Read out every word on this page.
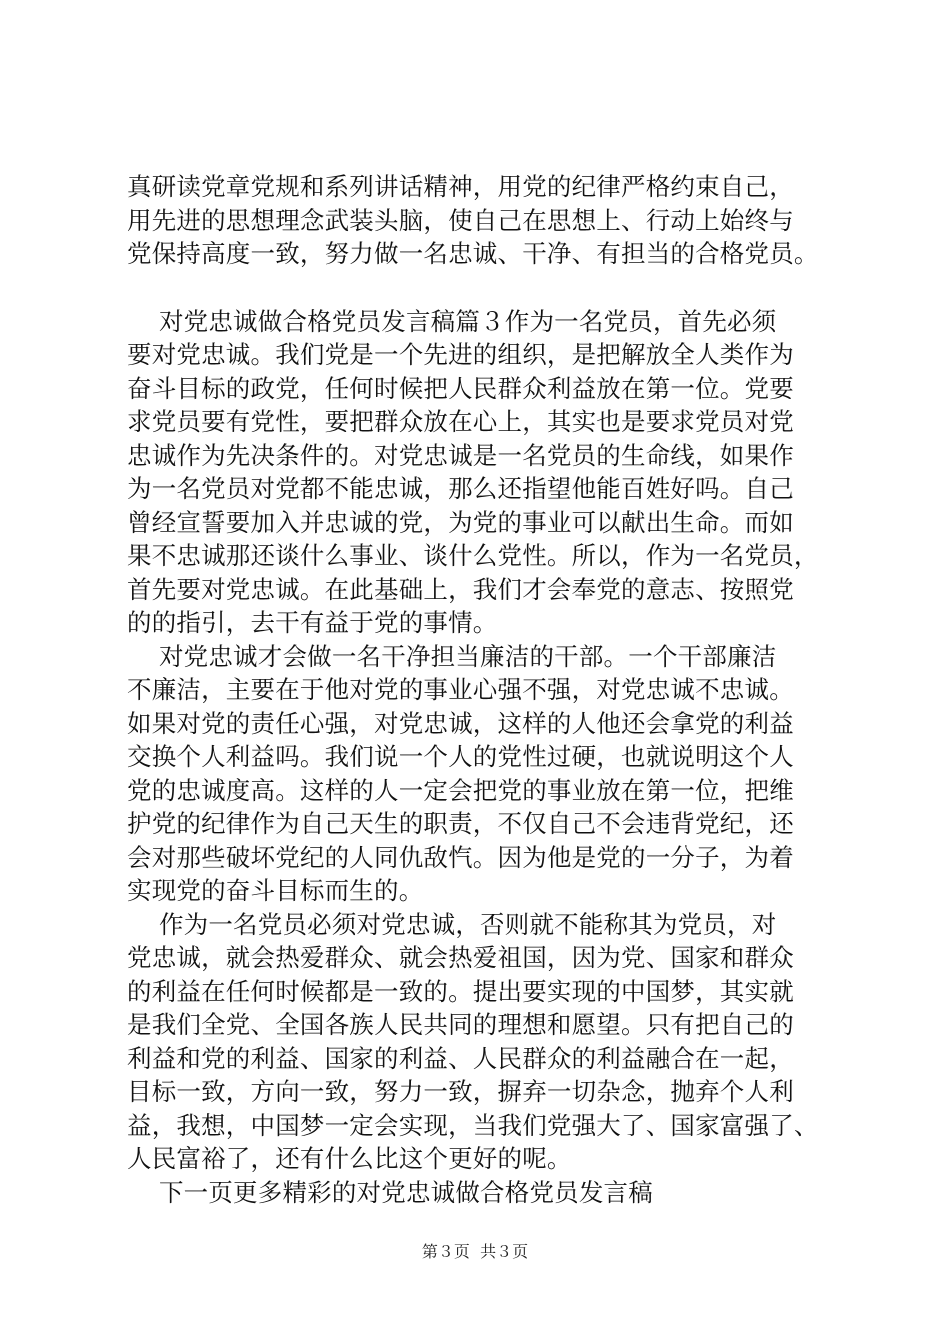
真研读党章党规和系列讲话精神，用党的纪律严格约束自己，
用先进的思想理念武装头脑，使自己在思想上、行动上始终与
党保持高度一致，努力做一名忠诚、干净、有担当的合格党员。
对党忠诚做合格党员发言稿篇３作为一名党员，首先必须
要对党忠诚。我们党是一个先进的组织，是把解放全人类作为
奋斗目标的政党，任何时候把人民群众利益放在第一位。党要
求党员要有党性，要把群众放在心上，其实也是要求党员对党
忠诚作为先决条件的。对党忠诚是一名党员的生命线，如果作
为一名党员对党都不能忠诚，那么还指望他能百姓好吗。自己
曾经宣誓要加入并忠诚的党，为党的事业可以献出生命。而如
果不忠诚那还谈什么事业、谈什么党性。所以，作为一名党员，
首先要对党忠诚。在此基础上，我们才会奉党的意志、按照党
的的指引，去干有益于党的事情。
对党忠诚才会做一名干净担当廉洁的干部。一个干部廉洁
不廉洁，主要在于他对党的事业心强不强，对党忠诚不忠诚。
如果对党的责任心强，对党忠诚，这样的人他还会拿党的利益
交换个人利益吗。我们说一个人的党性过硬，也就说明这个人
党的忠诚度高。这样的人一定会把党的事业放在第一位，把维
护党的纪律作为自己天生的职责，不仅自己不会违背党纪，还
会对那些破坏党纪的人同仇敌忾。因为他是党的一分子，为着
实现党的奋斗目标而生的。
作为一名党员必须对党忠诚，否则就不能称其为党员，对
党忠诚，就会热爱群众、就会热爱祖国，因为党、国家和群众
的利益在任何时候都是一致的。提出要实现的中国梦，其实就
是我们全党、全国各族人民共同的理想和愿望。只有把自己的
利益和党的利益、国家的利益、人民群众的利益融合在一起，
目标一致，方向一致，努力一致，摒弃一切杂念，抛弃个人利
益，我想，中国梦一定会实现，当我们党强大了、国家富强了、
人民富裕了，还有什么比这个更好的呢。
下一页更多精彩的对党忠诚做合格党员发言稿
第３页  共３页
